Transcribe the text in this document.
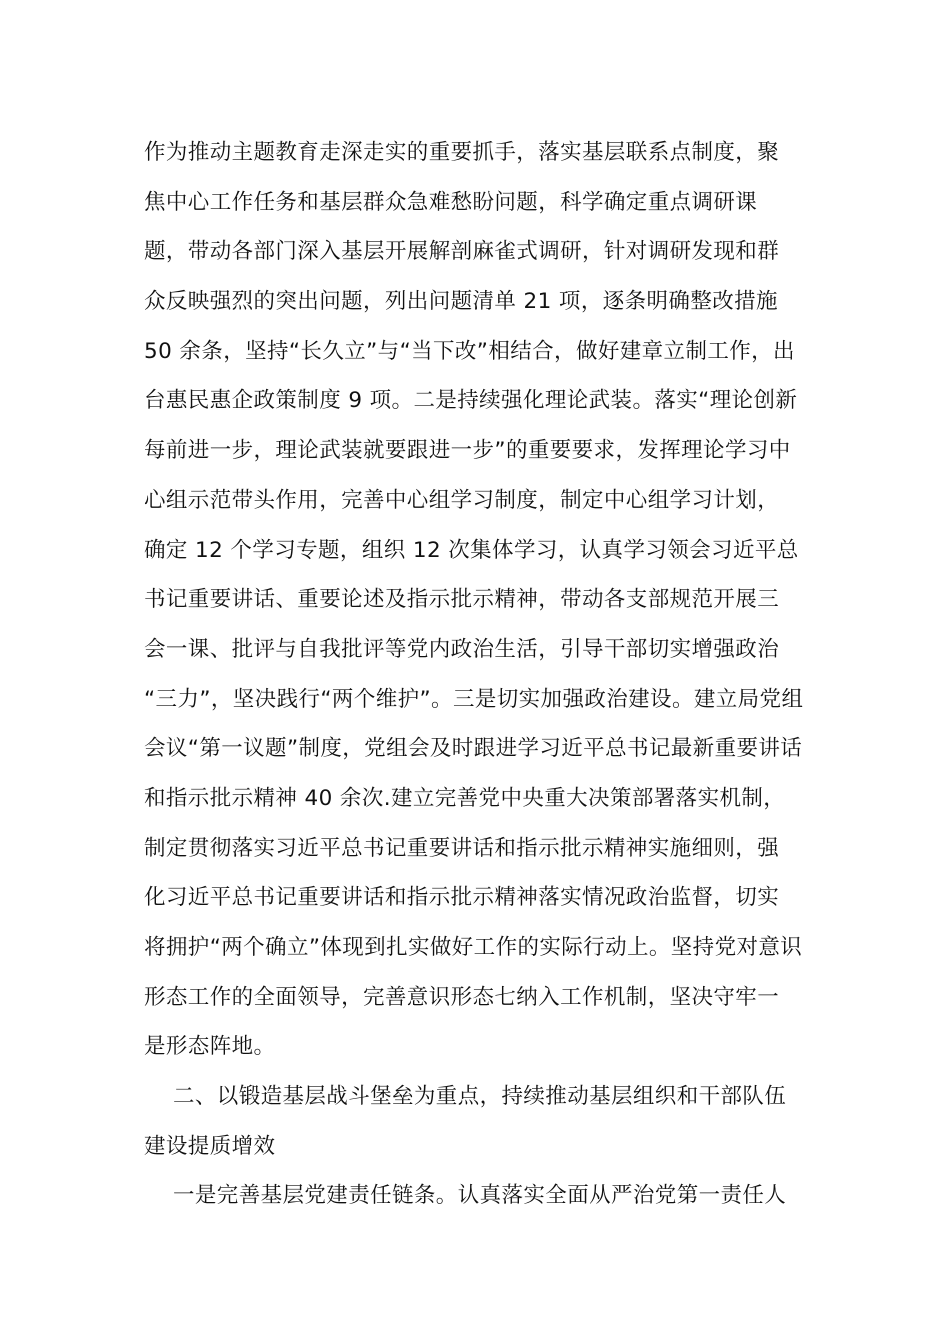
作为推动主题教育走深走实的重要抓手，落实基层联系点制度，聚
焦中心工作任务和基层群众急难愁盼问题，科学确定重点调研课
题，带动各部门深入基层开展解剖麻雀式调研，针对调研发现和群
众反映强烈的突出问题，列出问题清单 21 项，逐条明确整改措施
50 余条，坚持“长久立”与“当下改”相结合，做好建章立制工作，出
台惠民惠企政策制度 9 项。二是持续强化理论武装。落实“理论创新
每前进一步，理论武装就要跟进一步”的重要要求，发挥理论学习中
心组示范带头作用，完善中心组学习制度，制定中心组学习计划，
确定 12 个学习专题，组织 12 次集体学习，认真学习领会习近平总
书记重要讲话、重要论述及指示批示精神，带动各支部规范开展三
会一课、批评与自我批评等党内政治生活，引导干部切实增强政治
“三力”，坚决践行“两个维护”。三是切实加强政治建设。建立局党组
会议“第一议题”制度，党组会及时跟进学习近平总书记最新重要讲话
和指示批示精神 40 余次.建立完善党中央重大决策部署落实机制，
制定贯彻落实习近平总书记重要讲话和指示批示精神实施细则，强
化习近平总书记重要讲话和指示批示精神落实情况政治监督，切实
将拥护“两个确立”体现到扎实做好工作的实际行动上。坚持党对意识
形态工作的全面领导，完善意识形态七纳入工作机制，坚决守牢一
是形态阵地。
二、以锻造基层战斗堡垒为重点，持续推动基层组织和干部队伍
建设提质增效
一是完善基层党建责任链条。认真落实全面从严治党第一责任人
